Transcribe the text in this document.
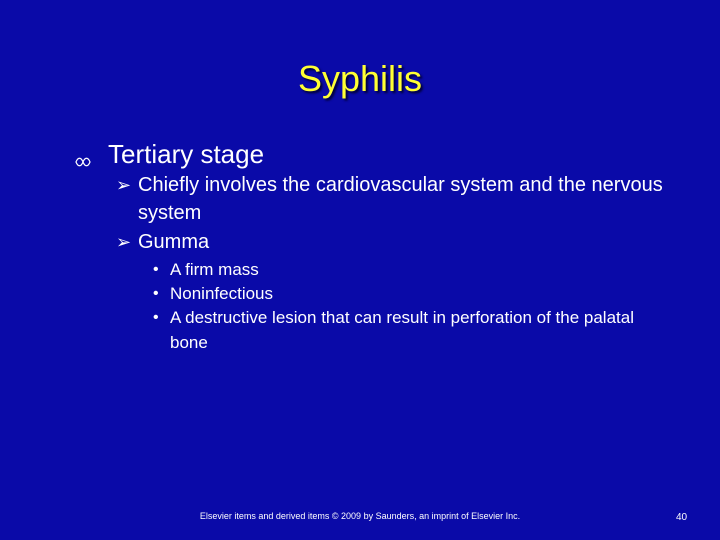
Syphilis
Tertiary stage
➢ Chiefly involves the cardiovascular system and the nervous system
➢ Gumma
• A firm mass
• Noninfectious
• A destructive lesion that can result in perforation of the palatal bone
Elsevier items and derived items © 2009 by Saunders, an imprint of Elsevier Inc.	40
